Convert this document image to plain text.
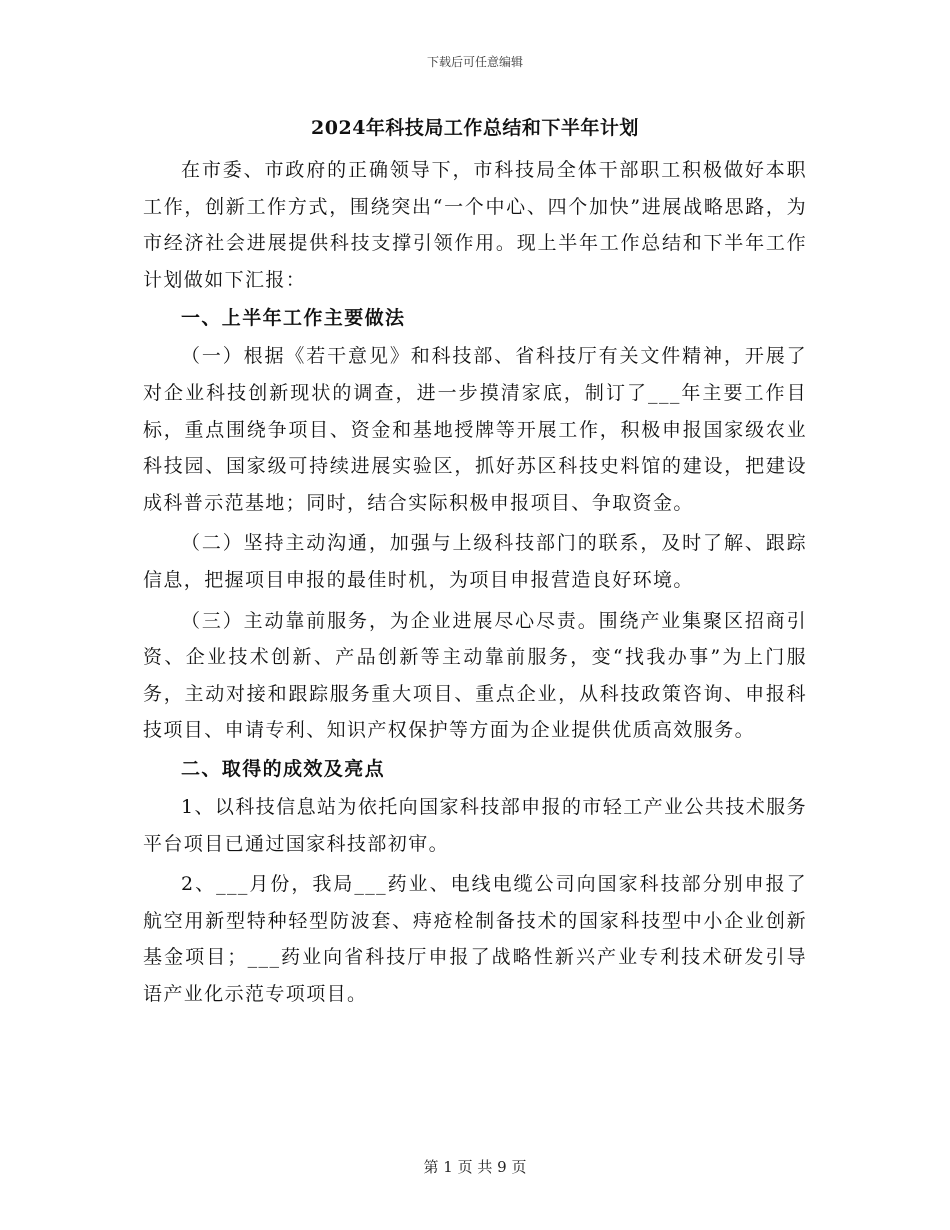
下载后可任意编辑
2024年科技局工作总结和下半年计划

在市委、市政府的正确领导下，市科技局全体干部职工积极做好本职工作，创新工作方式，围绕突出“一个中心、四个加快”进展战略思路，为市经济社会进展提供科技支撑引领作用。现上半年工作总结和下半年工作计划做如下汇报：

一、上半年工作主要做法

（一）根据《若干意见》和科技部、省科技厅有关文件精神，开展了对企业科技创新现状的调查，进一步摸清家底，制订了___年主要工作目标，重点围绕争项目、资金和基地授牌等开展工作，积极申报国家级农业科技园、国家级可持续进展实验区，抓好苏区科技史料馆的建设，把建设成科普示范基地；同时，结合实际积极申报项目、争取资金。

（二）坚持主动沟通，加强与上级科技部门的联系，及时了解、跟踪信息，把握项目申报的最佳时机，为项目申报营造良好环境。

（三）主动靠前服务，为企业进展尽心尽责。围绕产业集聚区招商引资、企业技术创新、产品创新等主动靠前服务，变“找我办事”为上门服务，主动对接和跟踪服务重大项目、重点企业，从科技政策咨询、申报科技项目、申请专利、知识产权保护等方面为企业提供优质高效服务。

二、取得的成效及亮点

1、以科技信息站为依托向国家科技部申报的市轻工产业公共技术服务平台项目已通过国家科技部初审。

2、___月份，我局___药业、电线电缆公司向国家科技部分别申报了航空用新型特种轻型防波套、痔疮栓制备技术的国家科技型中小企业创新基金项目；___药业向省科技厅申报了战略性新兴产业专利技术研发引导语产业化示范专项项目。

第 1 页 共 9 页
